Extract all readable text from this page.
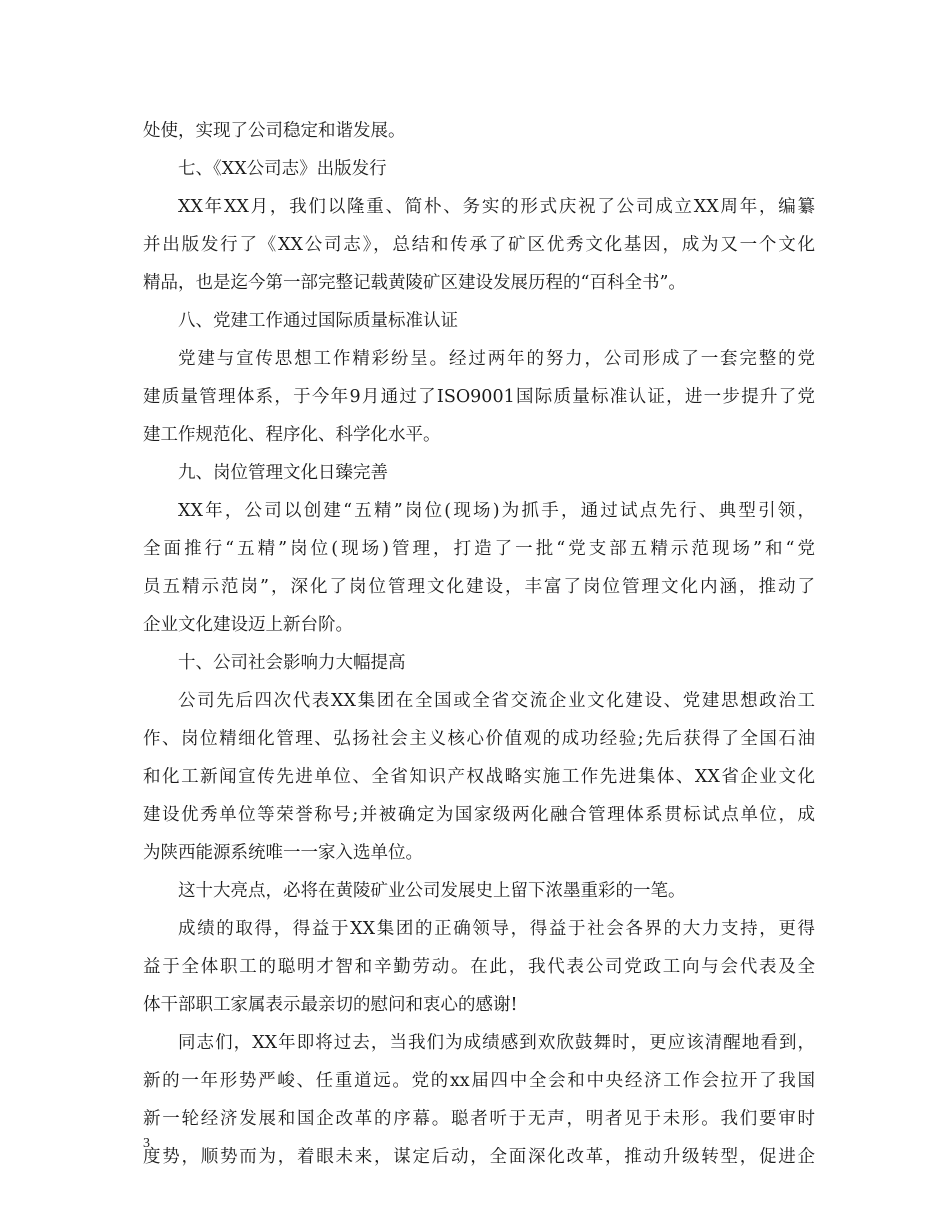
处使，实现了公司稳定和谐发展。
七、《XX公司志》出版发行
XX年XX月，我们以隆重、简朴、务实的形式庆祝了公司成立XX周年，编纂
并出版发行了《XX公司志》，总结和传承了矿区优秀文化基因，成为又一个文化
精品，也是迄今第一部完整记载黄陵矿区建设发展历程的“百科全书”。
八、党建工作通过国际质量标准认证
党建与宣传思想工作精彩纷呈。经过两年的努力，公司形成了一套完整的党
建质量管理体系，于今年9月通过了ISO9001国际质量标准认证，进一步提升了党
建工作规范化、程序化、科学化水平。
九、岗位管理文化日臻完善
XX年，公司以创建“五精”岗位(现场)为抓手，通过试点先行、典型引领，
全面推行“五精”岗位(现场)管理，打造了一批“党支部五精示范现场”和“党
员五精示范岗”，深化了岗位管理文化建设，丰富了岗位管理文化内涵，推动了
企业文化建设迈上新台阶。
十、公司社会影响力大幅提高
公司先后四次代表XX集团在全国或全省交流企业文化建设、党建思想政治工
作、岗位精细化管理、弘扬社会主义核心价值观的成功经验;先后获得了全国石油
和化工新闻宣传先进单位、全省知识产权战略实施工作先进集体、XX省企业文化
建设优秀单位等荣誉称号;并被确定为国家级两化融合管理体系贯标试点单位，成
为陕西能源系统唯一一家入选单位。
这十大亮点，必将在黄陵矿业公司发展史上留下浓墨重彩的一笔。
成绩的取得，得益于XX集团的正确领导，得益于社会各界的大力支持，更得
益于全体职工的聪明才智和辛勤劳动。在此，我代表公司党政工向与会代表及全
体干部职工家属表示最亲切的慰问和衷心的感谢!
同志们，XX年即将过去，当我们为成绩感到欢欣鼓舞时，更应该清醒地看到，
新的一年形势严峻、任重道远。党的xx届四中全会和中央经济工作会拉开了我国
新一轮经济发展和国企改革的序幕。聪者听于无声，明者见于未形。我们要审时
度势，顺势而为，着眼未来，谋定后动，全面深化改革，推动升级转型，促进企
3
